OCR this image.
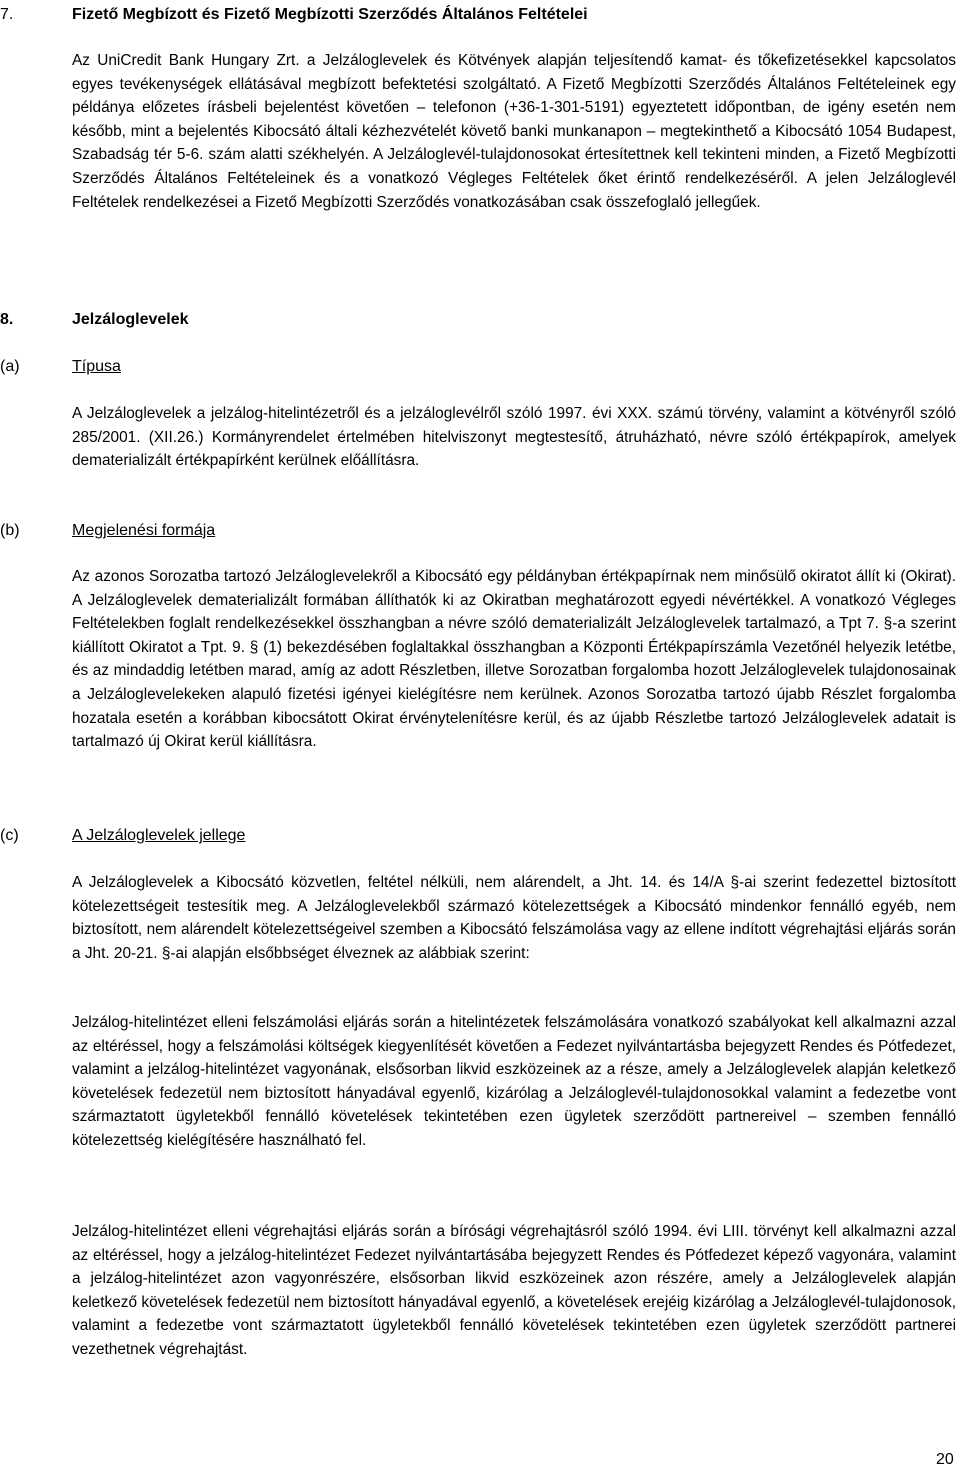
7.	Fizető Megbízott és Fizető Megbízotti Szerződés Általános Feltételei
Az UniCredit Bank Hungary Zrt. a Jelzáloglevelek és Kötvények alapján teljesítendő kamat- és tőkefizetésekkel kapcsolatos egyes tevékenységek ellátásával megbízott befektetési szolgáltató. A Fizető Megbízotti Szerződés Általános Feltételeinek egy példánya előzetes írásbeli bejelentést követően – telefonon (+36-1-301-5191) egyeztetett időpontban, de igény esetén nem később, mint a bejelentés Kibocsátó általi kézhezvételét követő banki munkanapon – megtekinthető a Kibocsátó 1054 Budapest, Szabadság tér 5-6. szám alatti székhelyén. A Jelzáloglevél-tulajdonosokat értesítettnek kell tekinteni minden, a Fizető Megbízotti Szerződés Általános Feltételeinek és a vonatkozó Végleges Feltételek őket érintő rendelkezéséről. A jelen Jelzáloglevél Feltételek rendelkezései a Fizető Megbízotti Szerződés vonatkozásában csak összefoglaló jellegűek.
8.	Jelzáloglevelek
(a)	Típusa
A Jelzáloglevelek a jelzálog-hitelintézetről és a jelzáloglevélről szóló 1997. évi XXX. számú törvény, valamint a kötvényről szóló 285/2001. (XII.26.) Kormányrendelet értelmében hitelviszonyt megtestesítő, átruházható, névre szóló értékpapírok, amelyek dematerializált értékpapírként kerülnek előállításra.
(b)	Megjelenési formája
Az azonos Sorozatba tartozó Jelzáloglevelekről a Kibocsátó egy példányban értékpapírnak nem minősülő okiratot állít ki (Okirat). A Jelzáloglevelek dematerializált formában állíthatók ki az Okiratban meghatározott egyedi névértékkel. A vonatkozó Végleges Feltételekben foglalt rendelkezésekkel összhangban a névre szóló dematerializált Jelzáloglevelek tartalmazó, a Tpt 7. §-a szerint kiállított Okiratot a Tpt. 9. § (1) bekezdésében foglaltakkal összhangban a Központi Értékpapírszámla Vezetőnél helyezik letétbe, és az mindaddig letétben marad, amíg az adott Részletben, illetve Sorozatban forgalomba hozott Jelzáloglevelek tulajdonosainak a Jelzáloglevelekeken alapuló fizetési igényei kielégítésre nem kerülnek. Azonos Sorozatba tartozó újabb Részlet forgalomba hozatala esetén a korábban kibocsátott Okirat érvénytelenítésre kerül, és az újabb Részletbe tartozó Jelzáloglevelek adatait is tartalmazó új Okirat kerül kiállításra.
(c)	A Jelzáloglevelek jellege
A Jelzáloglevelek a Kibocsátó közvetlen, feltétel nélküli, nem alárendelt, a Jht. 14. és 14/A §-ai szerint fedezettel biztosított kötelezettségeit testesítik meg. A Jelzáloglevelekből származó kötelezettségek a Kibocsátó mindenkor fennálló egyéb, nem biztosított, nem alárendelt kötelezettségeivel szemben a Kibocsátó felszámolása vagy az ellene indított végrehajtási eljárás során a Jht. 20-21. §-ai alapján elsőbbséget élveznek az alábbiak szerint:
Jelzálog-hitelintézet elleni felszámolási eljárás során a hitelintézetek felszámolására vonatkozó szabályokat kell alkalmazni azzal az eltéréssel, hogy a felszámolási költségek kiegyenlítését követően a Fedezet nyilvántartásba bejegyzett Rendes és Pótfedezet, valamint a jelzálog-hitelintézet vagyonának, elsősorban likvid eszközeinek az a része, amely a Jelzáloglevelek alapján keletkező követelések fedezetül nem biztosított hányadával egyenlő, kizárólag a Jelzáloglevél-tulajdonosokkal valamint a fedezetbe vont származtatott ügyletekből fennálló követelések tekintetében ezen ügyletek szerződött partnereivel – szemben fennálló kötelezettség kielégítésére használható fel.
Jelzálog-hitelintézet elleni végrehajtási eljárás során a bírósági végrehajtásról szóló 1994. évi LIII. törvényt kell alkalmazni azzal az eltéréssel, hogy a jelzálog-hitelintézet Fedezet nyilvántartásába bejegyzett Rendes és Pótfedezet képező vagyonára, valamint a jelzálog-hitelintézet azon vagyonrészére, elsősorban likvid eszközeinek azon részére, amely a Jelzáloglevelek alapján keletkező követelések fedezetül nem biztosított hányadával egyenlő, a követelések erejéig kizárólag a Jelzáloglevél-tulajdonosok, valamint a fedezetbe vont származtatott ügyletekből fennálló követelések tekintetében ezen ügyletek szerződött partnerei vezethetnek végrehajtást.
20
